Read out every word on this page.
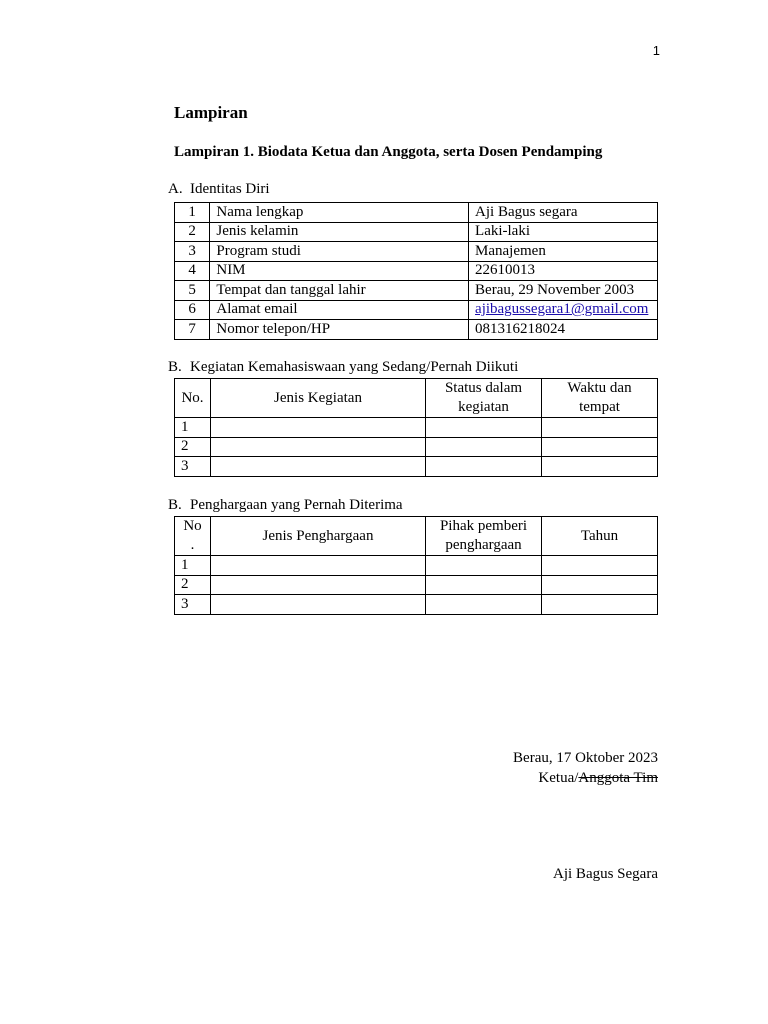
1
Lampiran
Lampiran 1. Biodata Ketua dan Anggota, serta Dosen Pendamping
A. Identitas Diri
1	Nama lengkap	Aji Bagus segara
2	Jenis kelamin	Laki-laki
3	Program studi	Manajemen
4	NIM	22610013
5	Tempat dan tanggal lahir	Berau, 29 November 2003
6	Alamat email	ajibagussegara1@gmail.com
7	Nomor telepon/HP	081316218024
B. Kegiatan Kemahasiswaan yang Sedang/Pernah Diikuti
No.	Jenis Kegiatan	Status dalam kegiatan	Waktu dan tempat
1			
2			
3			
B. Penghargaan yang Pernah Diterima
No .	Jenis Penghargaan	Pihak pemberi penghargaan	Tahun
1			
2			
3			
Berau, 17 Oktober 2023
Ketua/Anggota Tim
Aji Bagus Segara
